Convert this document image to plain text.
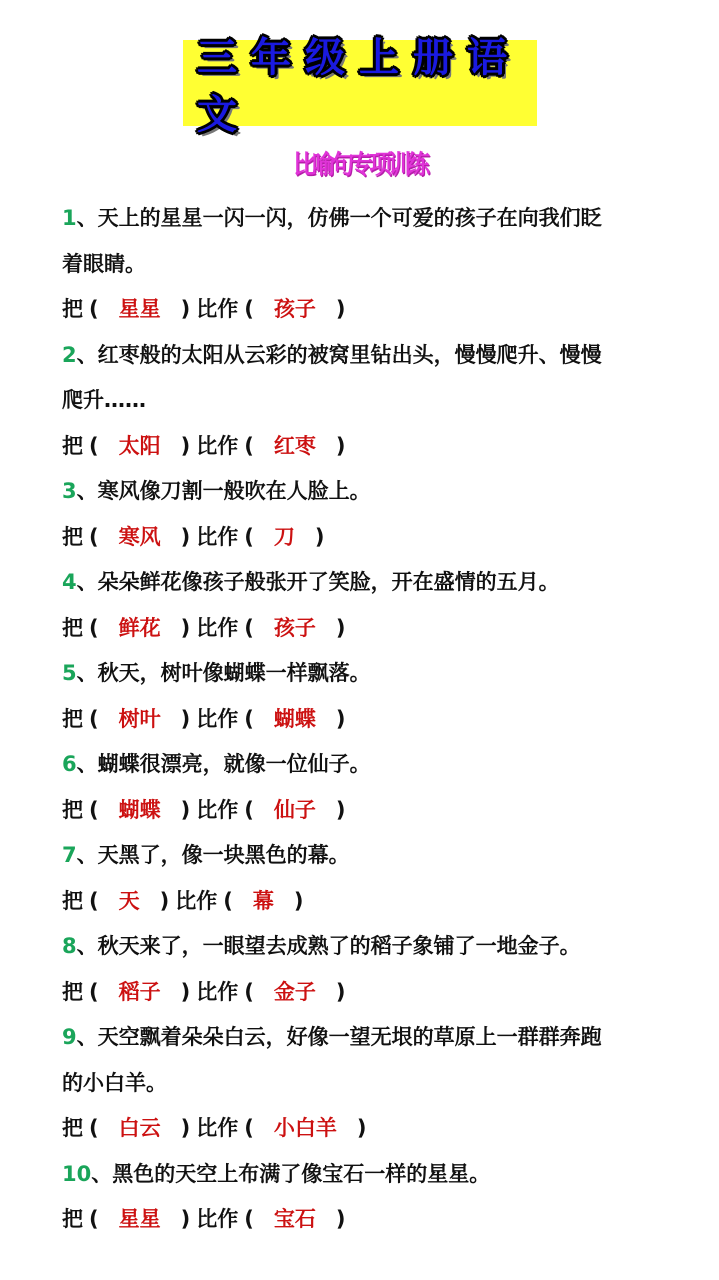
三年级上册语文
比喻句专项训练
1、天上的星星一闪一闪，仿佛一个可爱的孩子在向我们眨
着眼睛。
把 ( 星星 ) 比作 ( 孩子 )
2、红枣般的太阳从云彩的被窝里钻出头，慢慢爬升、慢慢
爬升……
把 ( 太阳 ) 比作 ( 红枣 )
3、寒风像刀割一般吹在人脸上。
把 ( 寒风 ) 比作 ( 刀 )
4、朵朵鲜花像孩子般张开了笑脸，开在盛情的五月。
把 ( 鲜花 ) 比作 ( 孩子 )
5、秋天，树叶像蝴蝶一样飘落。
把 ( 树叶 ) 比作 ( 蝴蝶 )
6、蝴蝶很漂亮，就像一位仙子。
把 ( 蝴蝶 ) 比作 ( 仙子 )
7、天黑了，像一块黑色的幕。
把 ( 天 ) 比作 ( 幕 )
8、秋天来了，一眼望去成熟了的稻子象铺了一地金子。
把 ( 稻子 ) 比作 ( 金子 )
9、天空飘着朵朵白云，好像一望无垠的草原上一群群奔跑
的小白羊。
把 ( 白云 ) 比作 ( 小白羊 )
10、黑色的天空上布满了像宝石一样的星星。
把 ( 星星 ) 比作 ( 宝石 )
